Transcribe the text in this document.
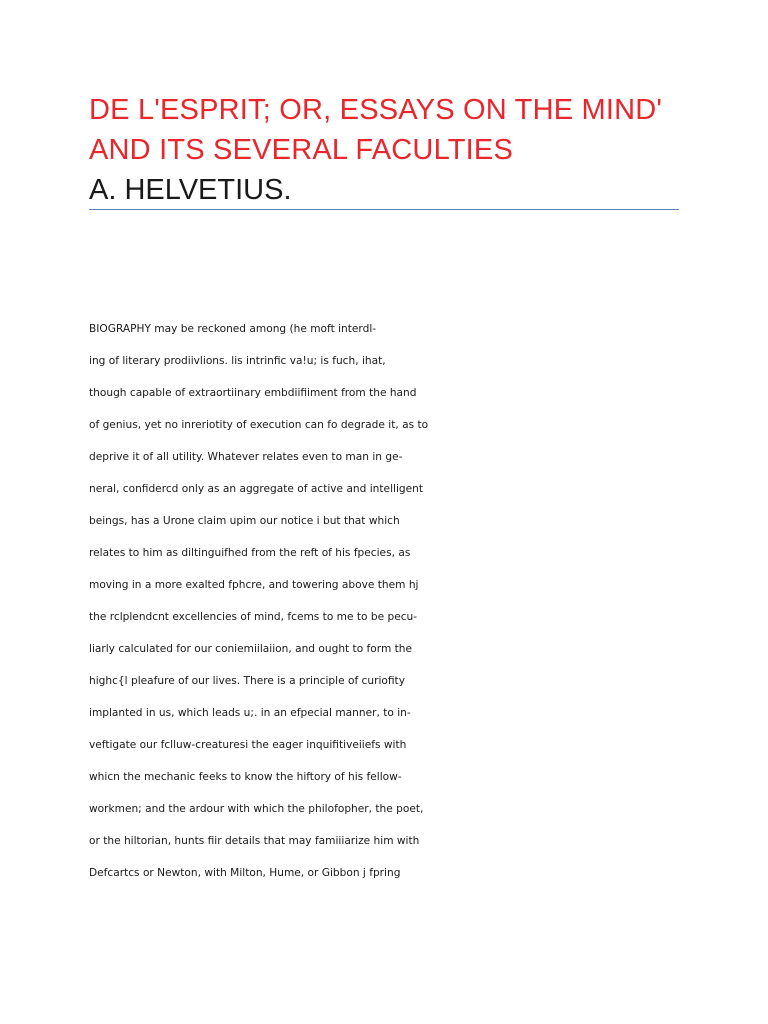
DE L'ESPRIT; OR, ESSAYS ON THE MIND'

AND ITS SEVERAL FACULTIES

A. HELVETIUS.

BIOGRAPHY may be reckoned among (he moft interdl-

ing of literary prodiivlions. lis intrinfic va!u; is fuch, ihat,

though capable of extraortiinary embdiifiiment from the hand

of genius, yet no inreriotity of execution can fo degrade it, as to

deprive it of all utility. Whatever relates even to man in ge-

neral, confidercd only as an aggregate of active and intelligent

beings, has a Urone claim upim our notice i but that which

relates to him as diltinguifhed from the reft of his fpecies, as

moving in a more exalted fphcre, and towering above them hj

the rclplendcnt excellencies of mind, fcems to me to be pecu-

liarly calculated for our coniemiilaiion, and ought to form the

highc{l pleafure of our lives. There is a principle of curiofity

implanted in us, which leads u;. in an efpecial manner, to in-

veftigate our fclluw-creaturesi the eager inquifitiveiiefs with

whicn the mechanic feeks to know the hiftory of his fellow-

workmen; and the ardour with which the philofopher, the poet,

or the hiltorian, hunts fiir details that may famiiiarize him with

Defcartcs or Newton, with Milton, Hume, or Gibbon j fpring
